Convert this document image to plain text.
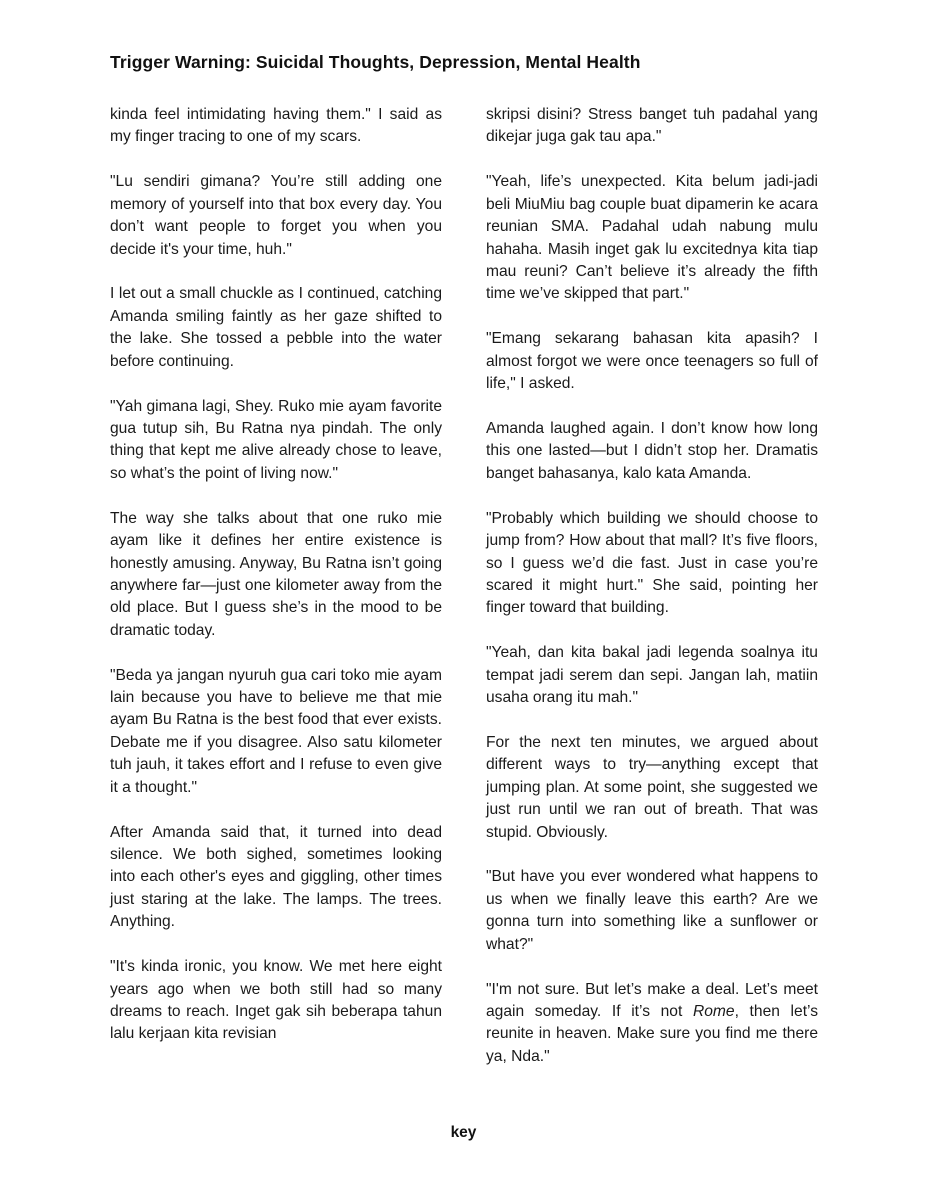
Trigger Warning: Suicidal Thoughts, Depression, Mental Health

kinda feel intimidating having them." I said as my finger tracing to one of my scars.

"Lu sendiri gimana? You’re still adding one memory of yourself into that box every day. You don’t want people to forget you when you decide it's your time, huh."

I let out a small chuckle as I continued, catching Amanda smiling faintly as her gaze shifted to the lake. She tossed a pebble into the water before continuing.

"Yah gimana lagi, Shey. Ruko mie ayam favorite gua tutup sih, Bu Ratna nya pindah. The only thing that kept me alive already chose to leave, so what’s the point of living now."

The way she talks about that one ruko mie ayam like it defines her entire existence is honestly amusing. Anyway, Bu Ratna isn’t going anywhere far—just one kilometer away from the old place. But I guess she’s in the mood to be dramatic today.

"Beda ya jangan nyuruh gua cari toko mie ayam lain because you have to believe me that mie ayam Bu Ratna is the best food that ever exists. Debate me if you disagree. Also satu kilometer tuh jauh, it takes effort and I refuse to even give it a thought."

After Amanda said that, it turned into dead silence. We both sighed, sometimes looking into each other's eyes and giggling, other times just staring at the lake. The lamps. The trees. Anything.

"It's kinda ironic, you know. We met here eight years ago when we both still had so many dreams to reach. Inget gak sih beberapa tahun lalu kerjaan kita revisian

skripsi disini? Stress banget tuh padahal yang dikejar juga gak tau apa."

"Yeah, life’s unexpected. Kita belum jadi-jadi beli MiuMiu bag couple buat dipamerin ke acara reunian SMA. Padahal udah nabung mulu hahaha. Masih inget gak lu excitednya kita tiap mau reuni? Can’t believe it’s already the fifth time we’ve skipped that part."

"Emang sekarang bahasan kita apasih? I almost forgot we were once teenagers so full of life," I asked.

Amanda laughed again. I don’t know how long this one lasted—but I didn’t stop her. Dramatis banget bahasanya, kalo kata Amanda.

"Probably which building we should choose to jump from? How about that mall? It’s five floors, so I guess we’d die fast. Just in case you’re scared it might hurt." She said, pointing her finger toward that building.

"Yeah, dan kita bakal jadi legenda soalnya itu tempat jadi serem dan sepi. Jangan lah, matiin usaha orang itu mah."

For the next ten minutes, we argued about different ways to try—anything except that jumping plan. At some point, she suggested we just run until we ran out of breath. That was stupid. Obviously.

"But have you ever wondered what happens to us when we finally leave this earth? Are we gonna turn into something like a sunflower or what?"

"I'm not sure. But let’s make a deal. Let’s meet again someday. If it’s not Rome, then let’s reunite in heaven. Make sure you find me there ya, Nda."

key
